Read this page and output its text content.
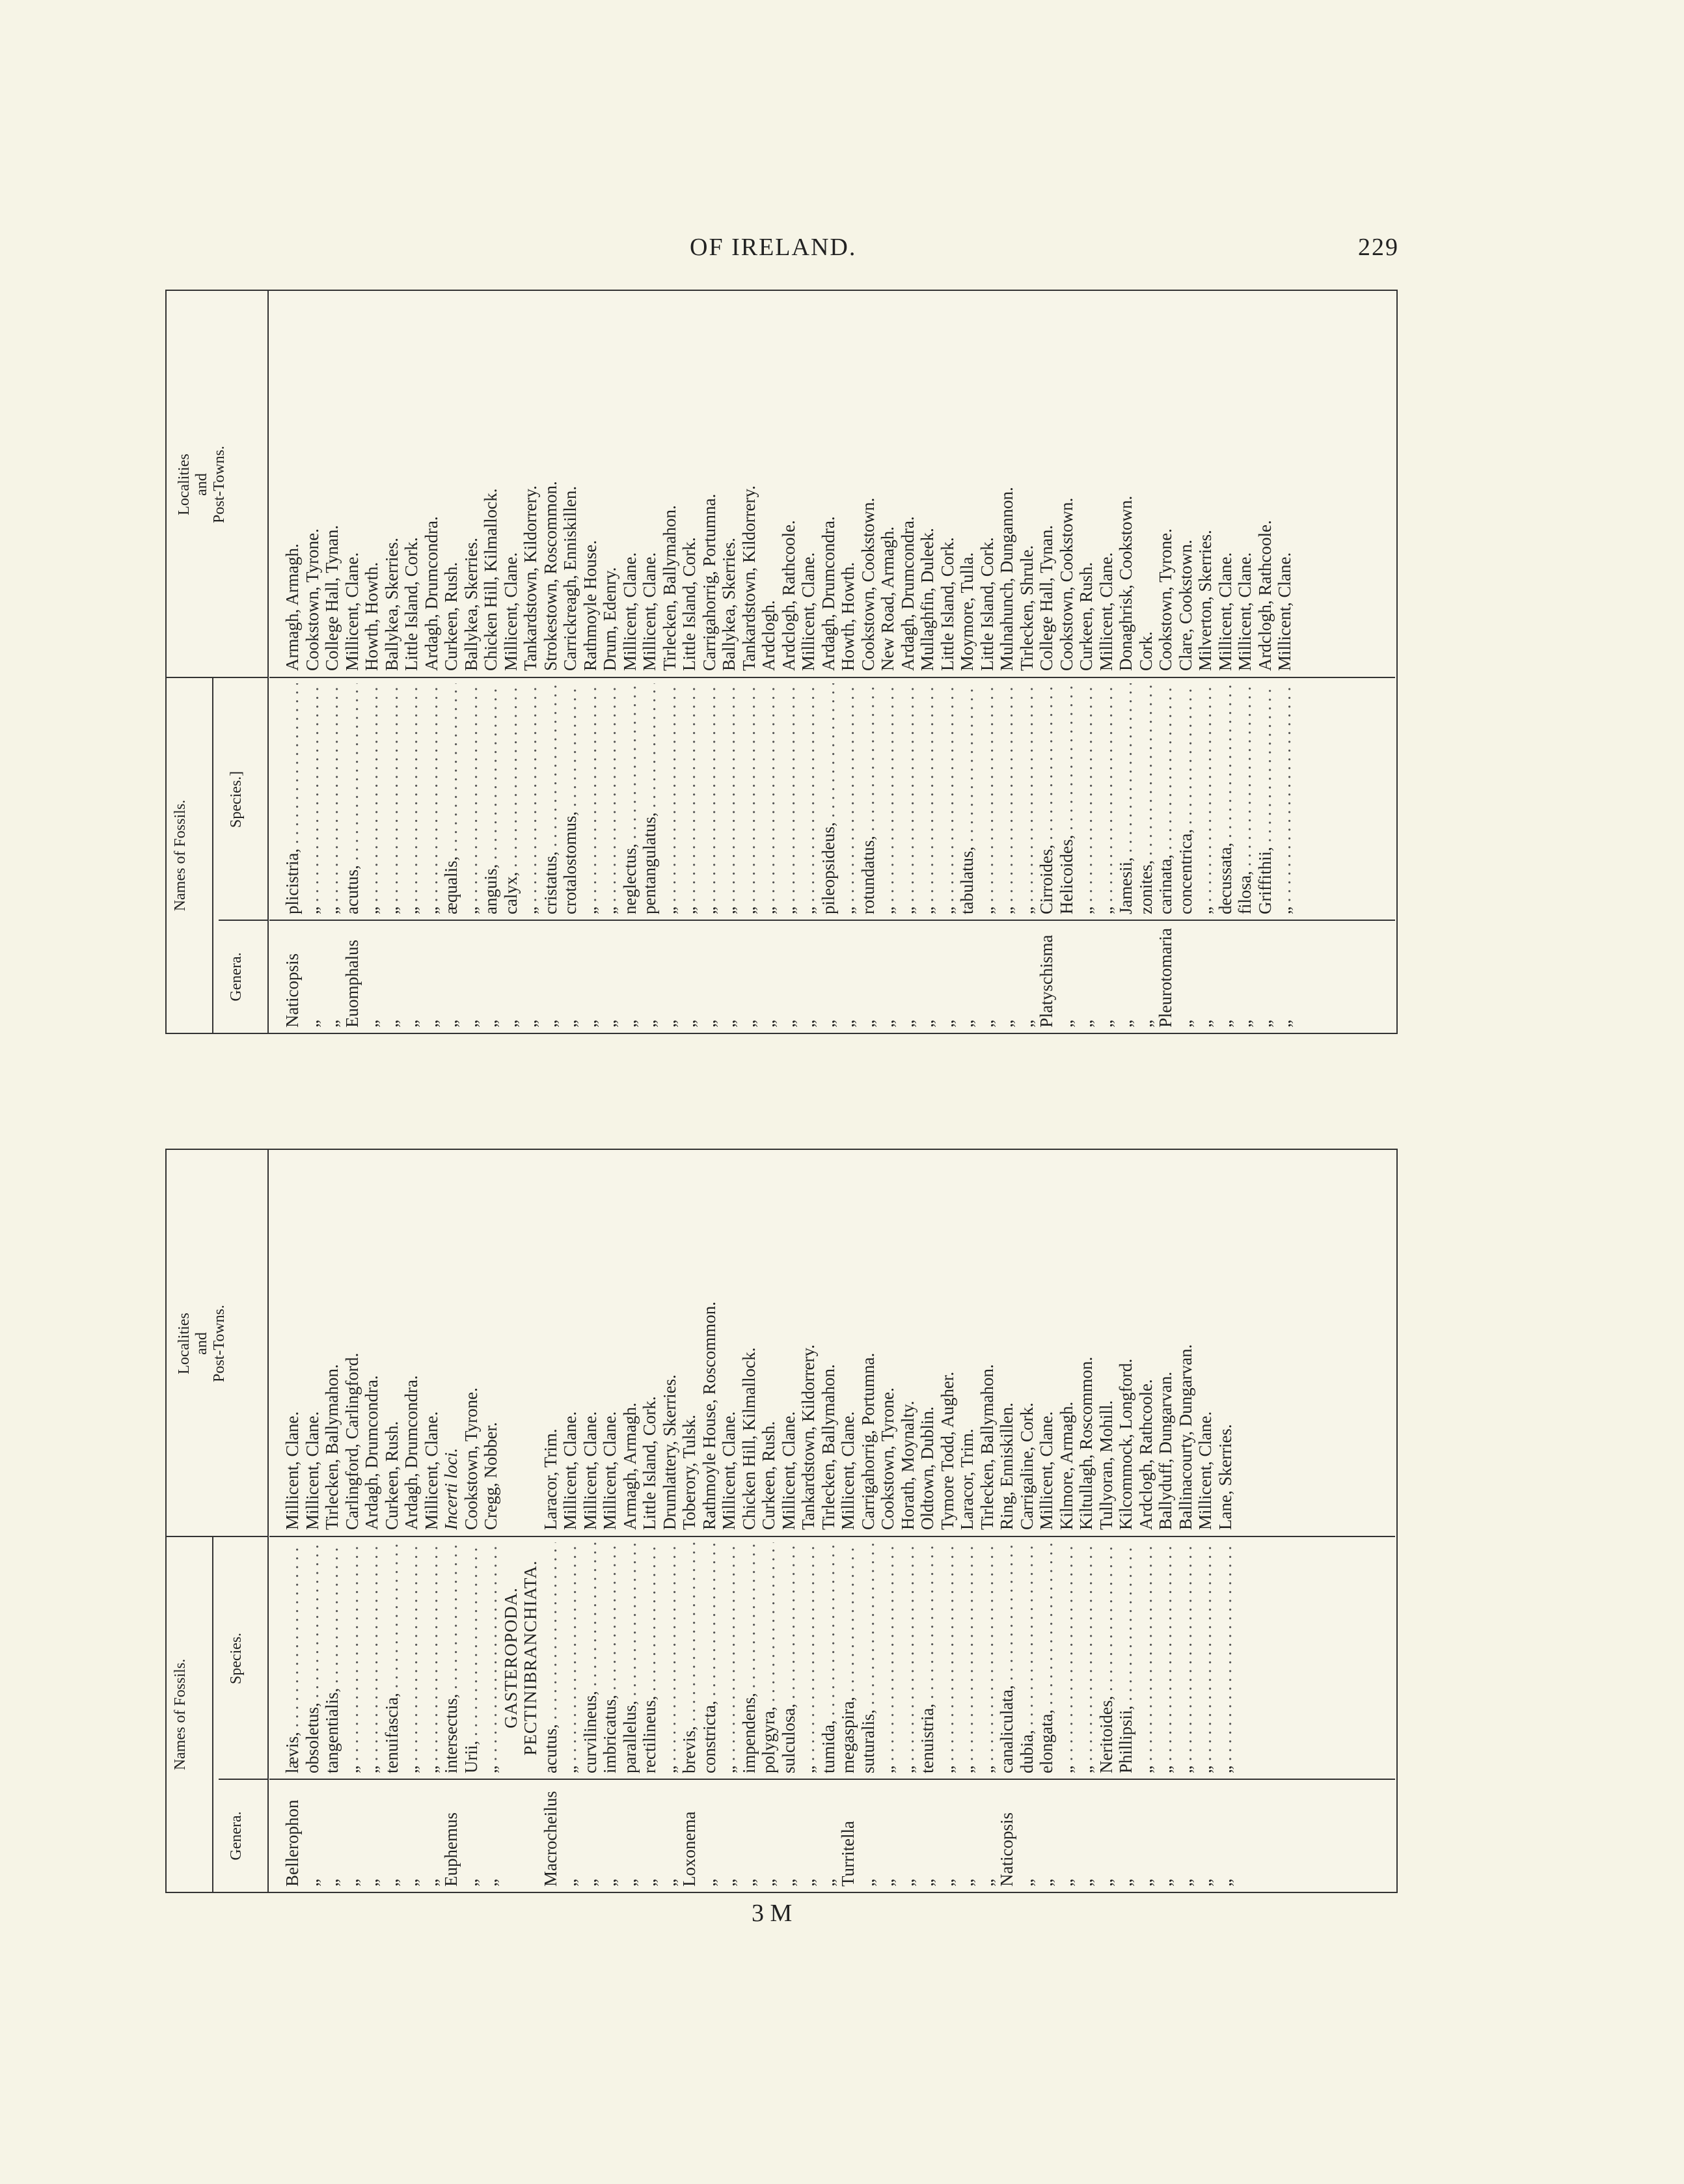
OF IRELAND.	229
Names of Fossils.
Genera.
Species.]
Localities and Post-Towns.
Naticopsis
plicistria, . . .
Armagh, Armagh.
„
„ . . .
Cookstown, Tyrone.
„
„ . . .
College Hall, Tynan.
Euomphalus
acutus, . . .
Millicent, Clane.
„
„ . . .
Howth, Howth.
„
„ . . .
Ballykea, Skerries.
„
„ . . .
Little Island, Cork.
„
„ . . .
Ardagh, Drumcondra.
„
æqualis, . . .
Curkeen, Rush.
„
„ . . .
Ballykea, Skerries.
„
anguis, . . .
Chicken Hill, Kilmallock.
„
calyx, . . .
Millicent, Clane.
„
„ . . .
Tankardstown, Kildorrery.
„
cristatus, . . .
Strokestown, Roscommon.
„
crotalostomus, . . .
Carrickreagh, Enniskillen.
„
„ . . .
Rathmoyle House.
„
„ . . .
Drum, Edenry.
„
neglectus, . . .
Millicent, Clane.
„
pentangulatus, . . .
Millicent, Clane.
„
„ . . .
Tirlecken, Ballymahon.
„
„ . . .
Little Island, Cork.
„
„ . . .
Carrigahorrig, Portumna.
„
„ . . .
Ballykea, Skerries.
„
„ . . .
Tankardstown, Kildorrery.
„
„ . . .
Ardclogh.
„
„ . . .
Ardclogh, Rathcoole.
„
„ . . .
Millicent, Clane.
„
pileopsideus, . . .
Ardagh, Drumcondra.
„
„ . . .
Howth, Howth.
„
rotundatus, . . .
Cookstown, Cookstown.
„
„ . . .
New Road, Armagh.
„
„ . . .
Ardagh, Drumcondra.
„
„ . . .
Mullaghfin, Duleek.
„
„ . . .
Little Island, Cork.
„
tabulatus, . . .
Moymore, Tulla.
„
„ . . .
Little Island, Cork.
„
„ . . .
Mulnahunch, Dungannon.
„
„ . . .
Tirlecken, Shrule.
Platyschisma
Cirroides, . . .
College Hall, Tynan.
„
Helicoides, . . .
Cookstown, Cookstown.
„
„ . . .
Curkeen, Rush.
„
„ . . .
Millicent, Clane.
„
Jamesii, . . .
Donaghrisk, Cookstown.
„
zonites, . . .
Cork.
Pleurotomaria
carinata, . . .
Cookstown, Tyrone.
„
concentrica, . . .
Clare, Cookstown.
„
„ . . .
Milverton, Skerries.
„
decussata, . . .
Millicent, Clane.
„
filosa, . . .
Millicent, Clane.
„
Griffithii, . . .
Ardclogh, Rathcoole.
„
„ . . .
Millicent, Clane.
Names of Fossils.
Genera.
Species.
Localities and Post-Towns.
Bellerophon
lævis, . . .
Millicent, Clane.
„
obsoletus, . . .
Millicent, Clane.
„
tangentialis, . . .
Tirlecken, Ballymahon.
„
„ . . .
Carlingford, Carlingford.
„
„ . . .
Ardagh, Drumcondra.
„
tenuifascia, . . .
Curkeen, Rush.
„
„ . . .
Ardagh, Drumcondra.
„
„ . . .
Millicent, Clane.
Euphemus
intersectus, . . .
Incerti loci.
„
Urii, . . .
Cookstown, Tyrone.
„
„ . . .
Cregg, Nobber.
GASTEROPODA. PECTINIBRANCHIATA.
Macrocheilus
acutus, . . .
Laracor, Trim.
„
„ . . .
Millicent, Clane.
„
curvilineus, . . .
Millicent, Clane.
„
imbricatus, . . .
Millicent, Clane.
„
parallelus, . . .
Armagh, Armagh.
„
rectilineus, . . .
Little Island, Cork.
„
„ . . .
Drumlattery, Skerries.
Loxonema
brevis, . . .
Toberory, Tulsk.
„
constricta, . . .
Rathmoyle House, Roscommon.
„
„ . . .
Millicent, Clane.
„
impendens, . . .
Chicken Hill, Kilmallock.
„
polygyra, . . .
Curkeen, Rush.
„
sulculosa, . . .
Millicent, Clane.
„
„ . . .
Tankardstown, Kildorrery.
„
tumida, . . .
Tirlecken, Ballymahon.
Turritella
megaspira, . . .
Millicent, Clane.
„
suturalis, . . .
Carrigahorrig, Portumna.
„
„ . . .
Cookstown, Tyrone.
„
„ . . .
Horath, Moynalty.
„
tenuistria, . . .
Oldtown, Dublin.
„
„ . . .
Tymore Todd, Augher.
„
„ . . .
Laracor, Trim.
„
„ . . .
Tirlecken, Ballymahon.
Naticopsis
canaliculata, . . .
Ring, Enniskillen.
„
dubia, . . .
Carrigaline, Cork.
„
elongata, . . .
Millicent, Clane.
„
„ . . .
Kilmore, Armagh.
„
„ . . .
Kiltullagh, Roscommon.
„
Neritoides, . . .
Tullyoran, Mohill.
„
Phillipsii, . . .
Kilcommock, Longford.
„
„ . . .
Ardclogh, Rathcoole.
„
„ . . .
Ballyduff, Dungarvan.
„
„ . . .
Ballinacourty, Dungarvan.
„
„ . . .
Millicent, Clane.
„
„ . . .
Lane, Skerries.
3 M
